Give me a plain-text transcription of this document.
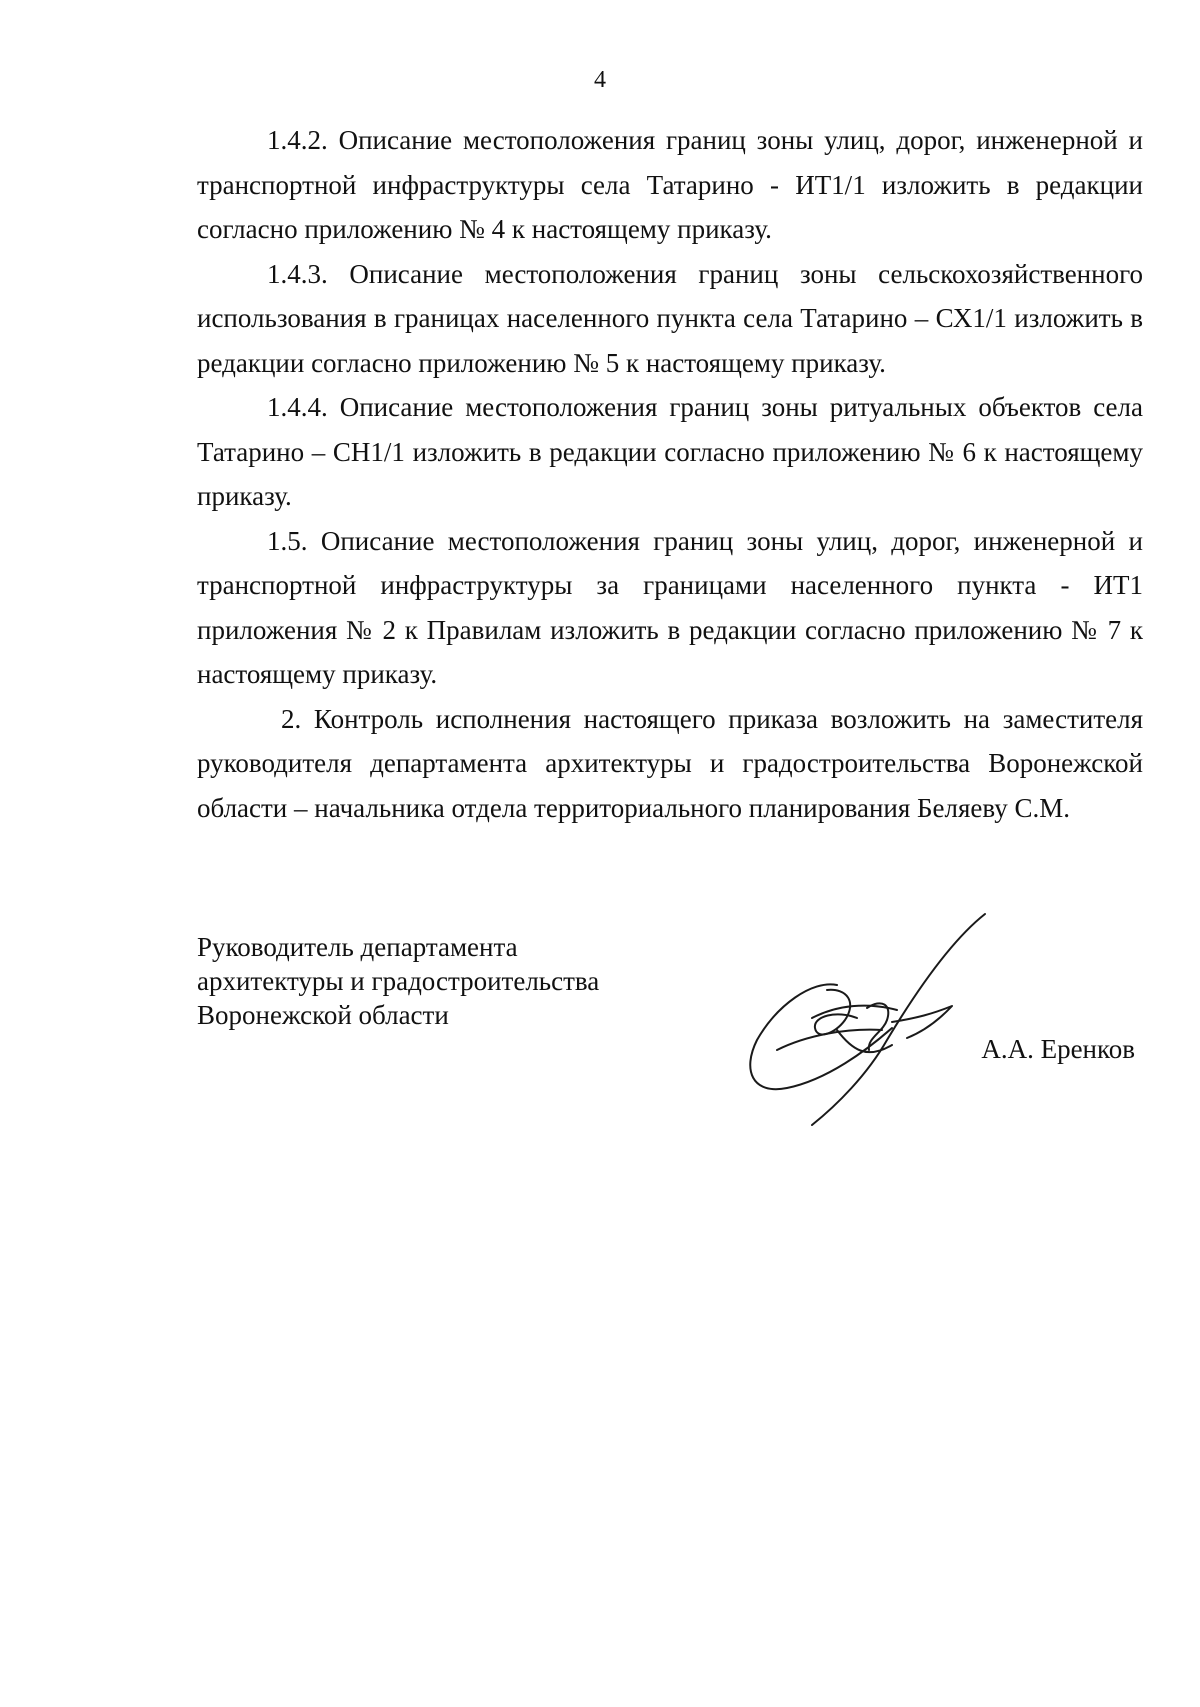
4

1.4.2. Описание местоположения границ зоны улиц, дорог, инженерной и транспортной инфраструктуры села Татарино - ИТ1/1 изложить в редакции согласно приложению № 4 к настоящему приказу.

1.4.3. Описание местоположения границ зоны сельскохозяйственного использования в границах населенного пункта села Татарино – СХ1/1 изложить в редакции согласно приложению № 5 к настоящему приказу.

1.4.4. Описание местоположения границ зоны ритуальных объектов села Татарино – СН1/1 изложить в редакции согласно приложению № 6 к настоящему приказу.

1.5. Описание местоположения границ зоны улиц, дорог, инженерной и транспортной инфраструктуры за границами населенного пункта - ИТ1 приложения № 2 к Правилам изложить в редакции согласно приложению № 7 к настоящему приказу.

2. Контроль исполнения настоящего приказа возложить на заместителя руководителя департамента архитектуры и градостроительства Воронежской области – начальника отдела территориального планирования Беляеву С.М.

Руководитель департамента
архитектуры и градостроительства
Воронежской области
А.А. Еренков
